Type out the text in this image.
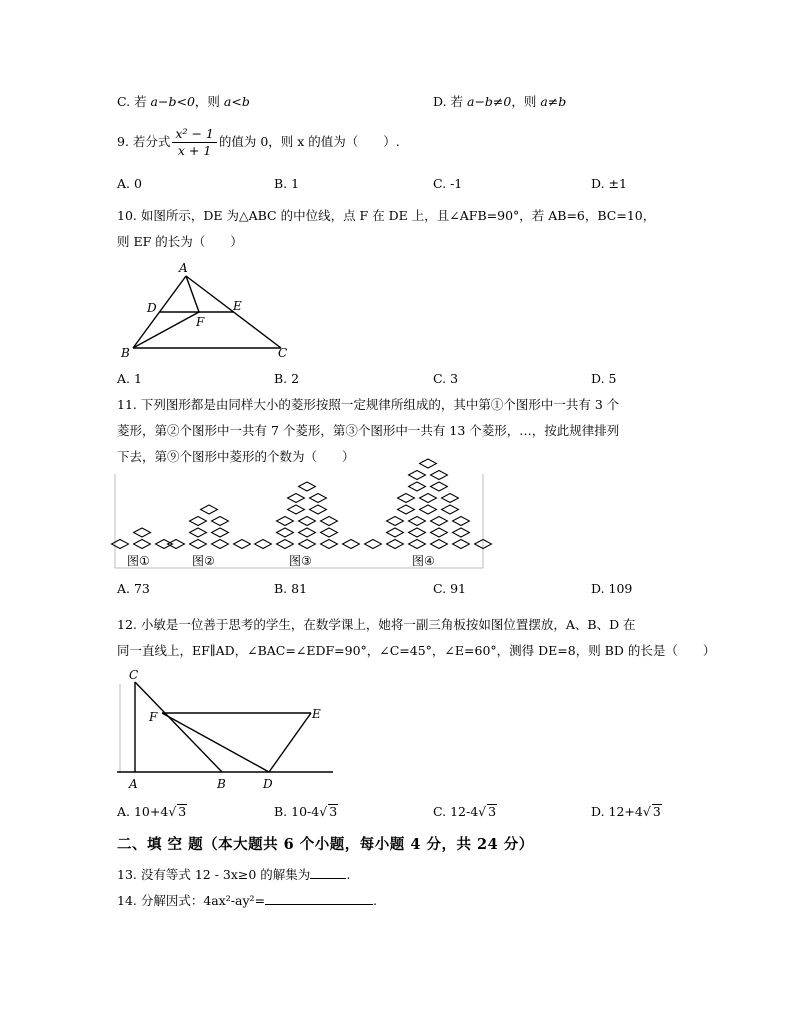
C. 若 a−b<0，则 a<b	D. 若 a−b≠0，则 a≠b
9. 若分式 $\frac{\text{x² − 1}}{x + 1}$ 的值为 0，则 x 的值为（　　）.
A. 0	B. 1	C. -1	D. ±1
10. 如图所示，DE 为△ABC 的中位线，点 F 在 DE 上，且∠AFB=90°，若 AB=6，BC=10，
则 EF 的长为（　　）
A
D	E
F
B	C
A. 1	B. 2	C. 3	D. 5
11. 下列图形都是由同样大小的菱形按照一定规律所组成的，其中第①个图形中一共有 3 个
菱形，第②个图形中一共有 7 个菱形，第③个图形中一共有 13 个菱形，…，按此规律排列
下去，第⑨个图形中菱形的个数为（　　）
图①	图②	图③	图④
A. 73	B. 81	C. 91	D. 109
12. 小敏是一位善于思考的学生，在数学课上，她将一副三角板按如图位置摆放，A、B、D 在
同一直线上，EF∥AD，∠BAC=∠EDF=90°，∠C=45°，∠E=60°，测得 DE=8，则 BD 的长是（　　）
C
F	E
A	B	D
A. 10+4√ 3	B. 10-4√ 3	C. 12-4√ 3	D. 12+4√ 3
二、填 空 题（本大题共 6 个小题，每小题 4 分，共 24 分）
13. 没有等式 12 - 3x≥0 的解集为	.
14. 分解因式：4ax²-ay²=	.
